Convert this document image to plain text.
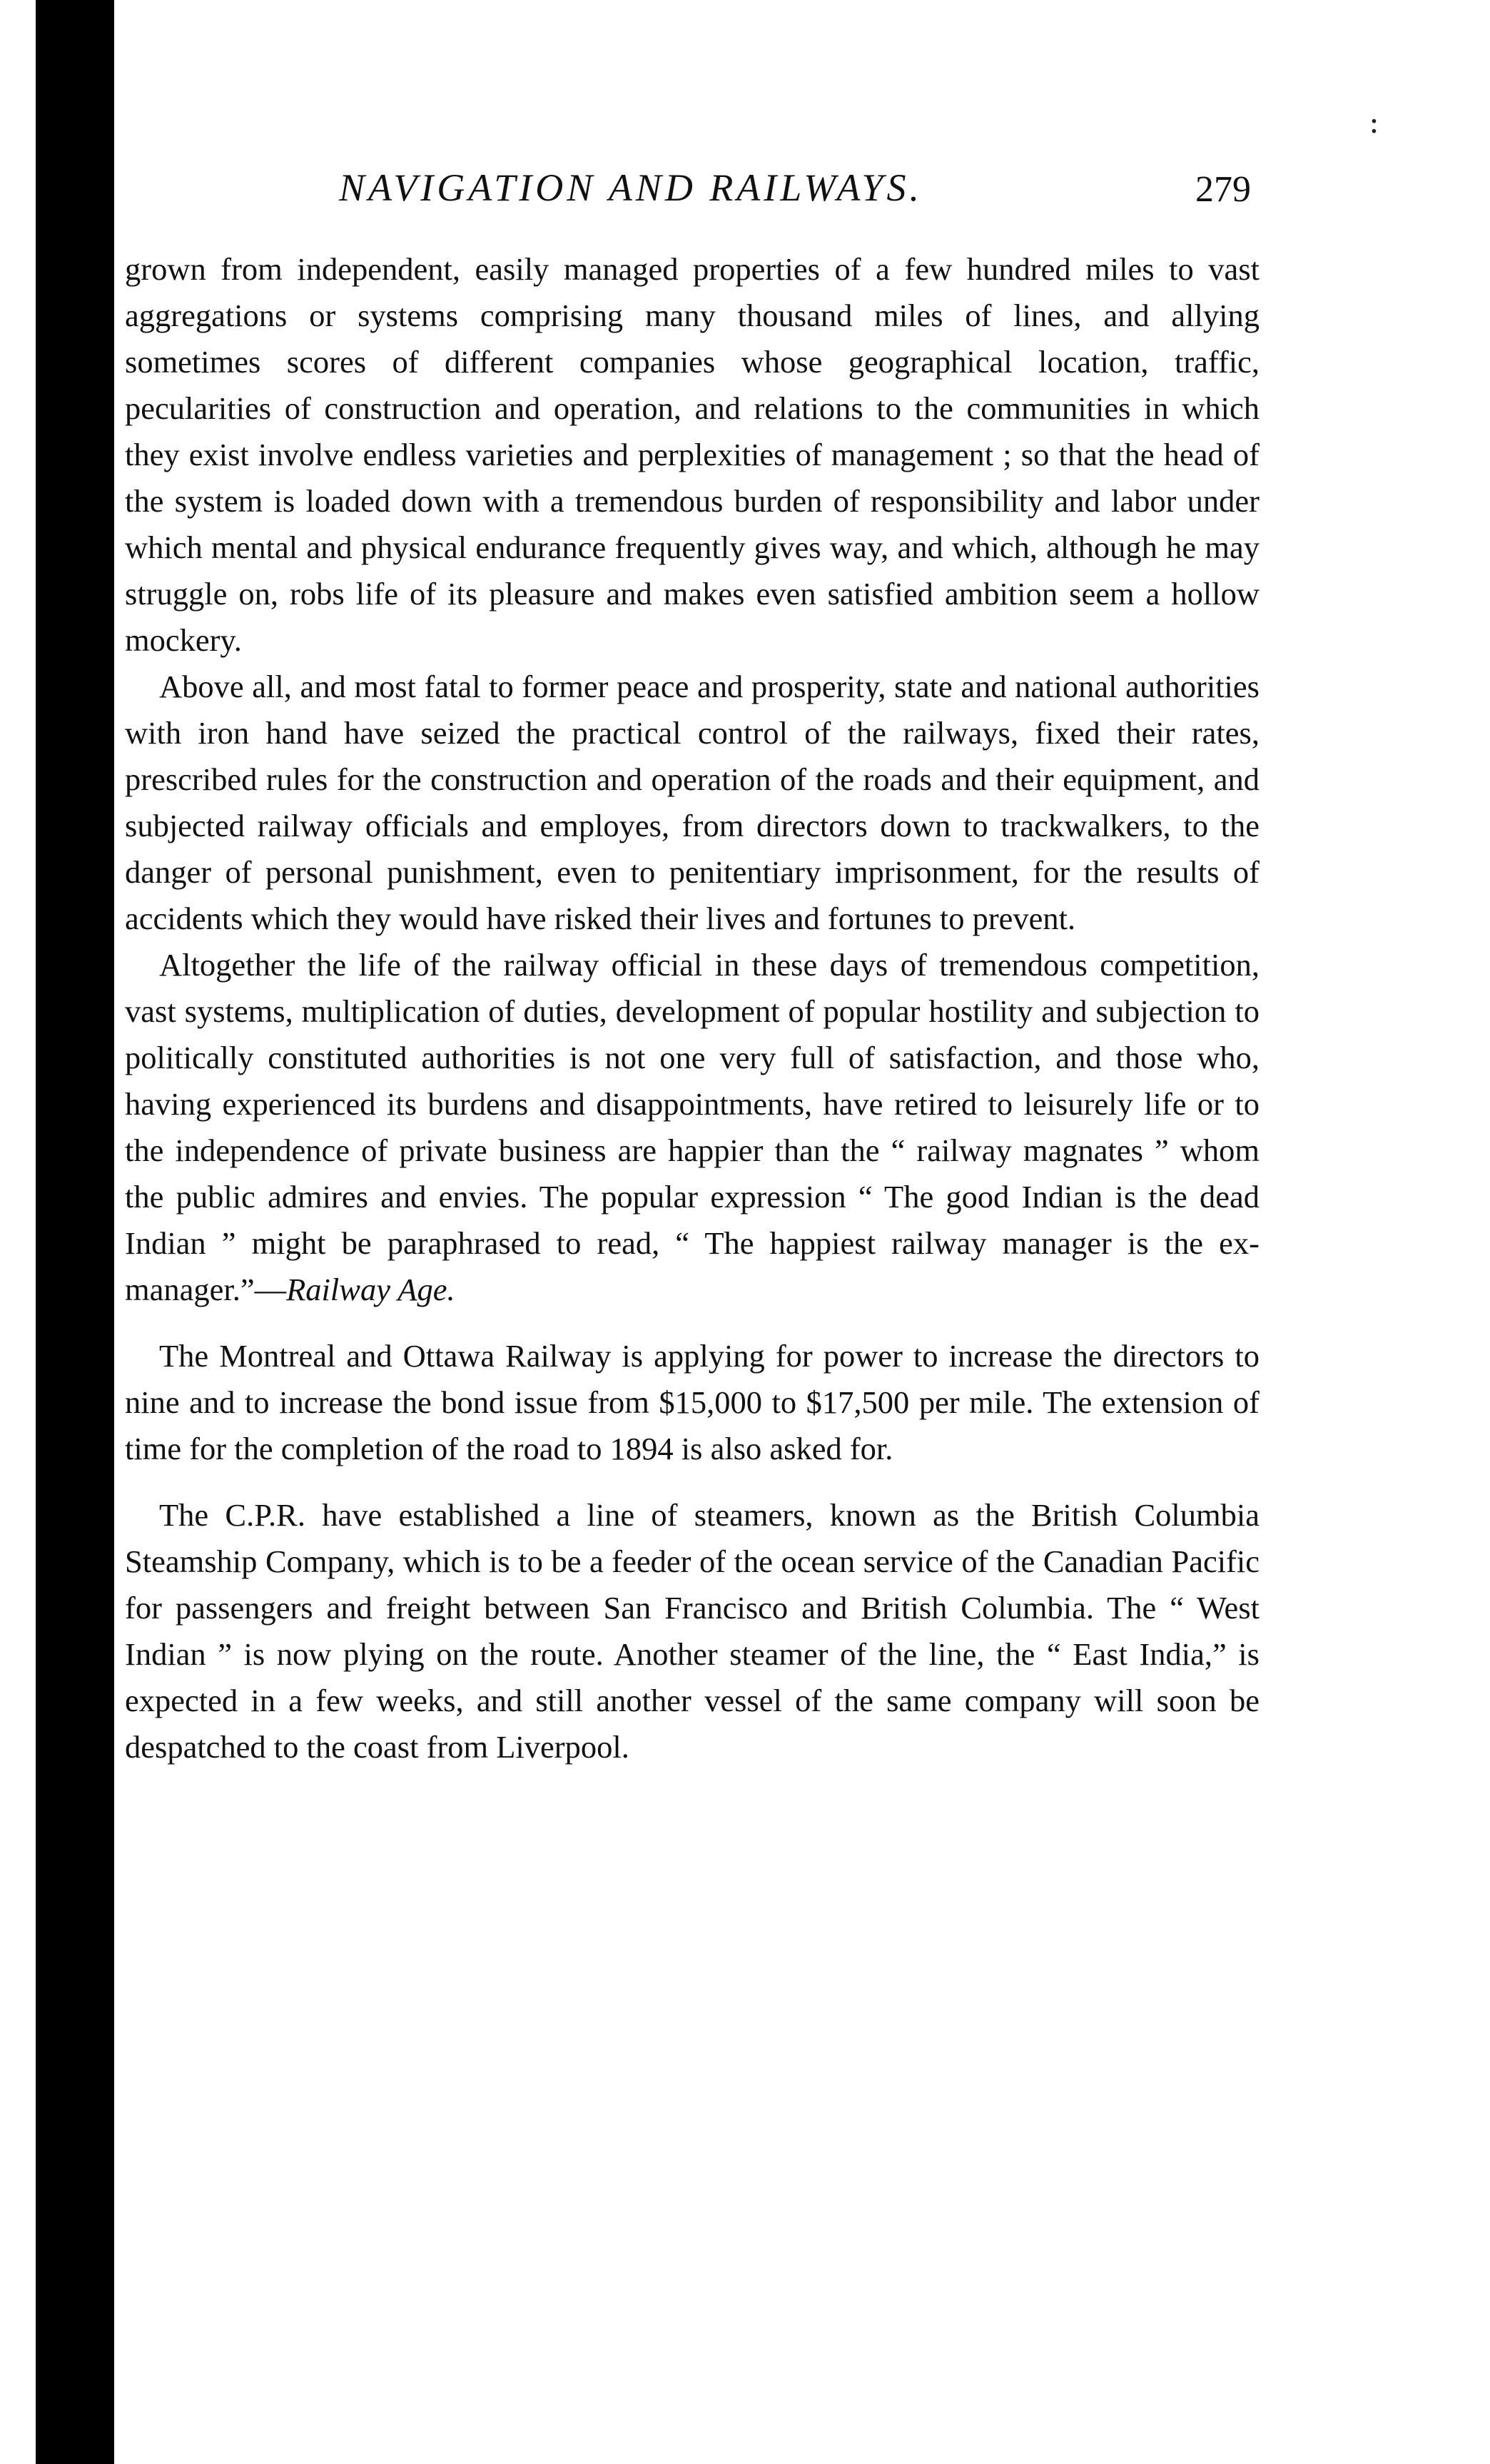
:
NAVIGATION AND RAILWAYS.	279

grown from independent, easily managed properties of a few hundred miles to vast aggregations or systems comprising many thousand miles of lines, and allying sometimes scores of different companies whose geographical location, traffic, pecularities of construction and operation, and relations to the communities in which they exist involve endless varieties and perplexities of management ; so that the head of the system is loaded down with a tremendous burden of responsibility and labor under which mental and physical endurance frequently gives way, and which, although he may struggle on, robs life of its pleasure and makes even satisfied ambition seem a hollow mockery.

Above all, and most fatal to former peace and prosperity, state and national authorities with iron hand have seized the practical control of the railways, fixed their rates, prescribed rules for the construction and operation of the roads and their equipment, and subjected railway officials and employes, from directors down to trackwalkers, to the danger of personal punishment, even to penitentiary imprisonment, for the results of accidents which they would have risked their lives and fortunes to prevent.

Altogether the life of the railway official in these days of tremendous competition, vast systems, multiplication of duties, development of popular hostility and subjection to politically constituted authorities is not one very full of satisfaction, and those who, having experienced its burdens and disappointments, have retired to leisurely life or to the independence of private business are happier than the “ railway magnates ” whom the public admires and envies. The popular expression “ The good Indian is the dead Indian ” might be paraphrased to read, “ The happiest railway manager is the ex-manager.”—Railway Age.

The Montreal and Ottawa Railway is applying for power to increase the directors to nine and to increase the bond issue from $15,000 to $17,500 per mile. The extension of time for the completion of the road to 1894 is also asked for.

The C.P.R. have established a line of steamers, known as the British Columbia Steamship Company, which is to be a feeder of the ocean service of the Canadian Pacific for passengers and freight between San Francisco and British Columbia. The “ West Indian ” is now plying on the route. Another steamer of the line, the “ East India,” is expected in a few weeks, and still another vessel of the same company will soon be despatched to the coast from Liverpool.
